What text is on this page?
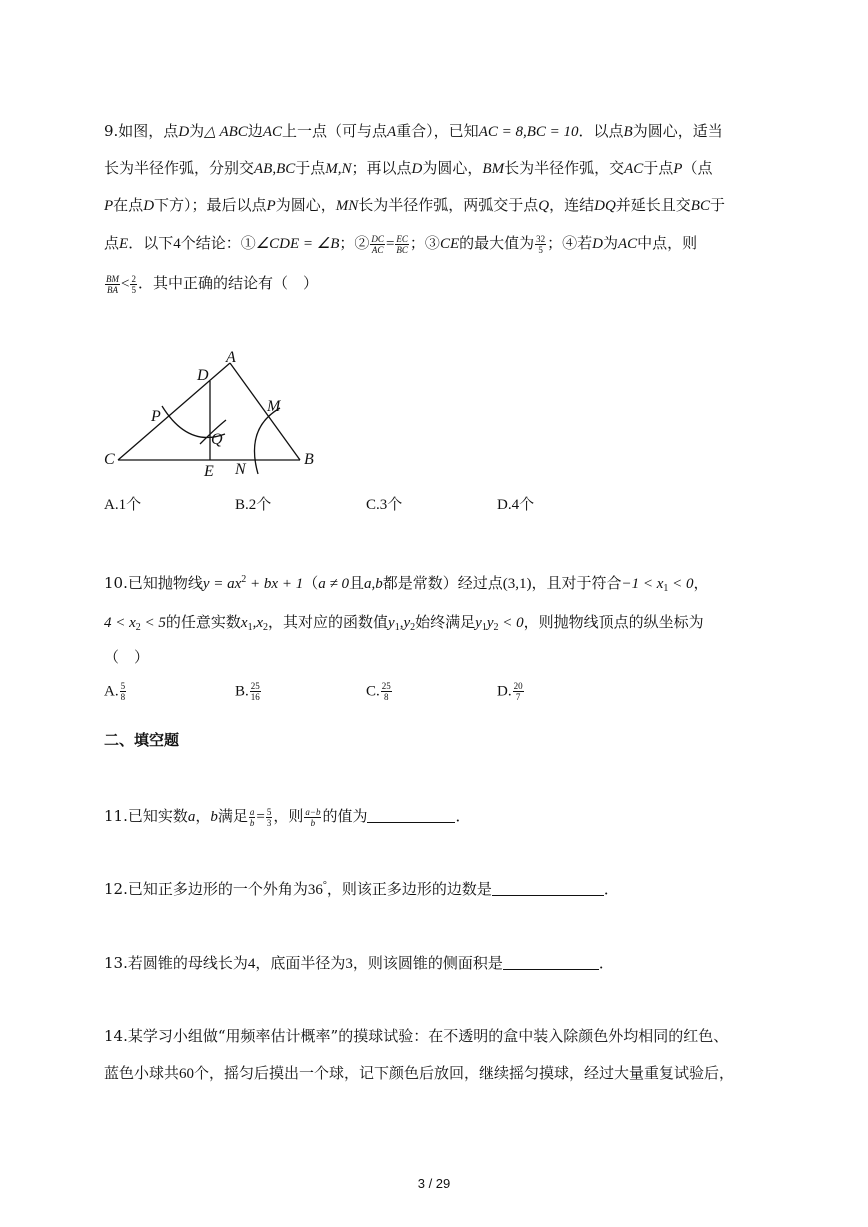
9.如图，点D为△ ABC边AC上一点（可与点A重合），已知AC = 8,BC = 10．以点B为圆心，适当
长为半径作弧，分别交AB,BC于点M,N；再以点D为圆心，BM长为半径作弧，交AC于点P（点
P在点D下方）；最后以点P为圆心，MN长为半径作弧，两弧交于点Q，连结DQ并延长且交BC于
点E．以下4个结论：①∠CDE = ∠B；② $\frac{DC}{AC} = \frac{EC}{BC}$ ；③CE的最大值为 $\frac{32}{5}$ ；④若D为AC中点，则
$\frac{BM}{BA} < \frac{2}{5}$ ．其中正确的结论有（　）
A
D
M
P
Q
C
E N
B
A.1个	B.2个	C.3个	D.4个
10.已知抛物线$y = ax^2$ + bx + 1（a ≠ 0且a,b都是常数）经过点(3,1)，且对于符合$-1 < x_1 < 0$，
$4 < x_2 < 5$的任意实数$x_1,x_2$，其对应的函数值$y_1,y_2$始终满足$y_1y_2 < 0$，则抛物线顶点的纵坐标为
（　）
A. $\frac{5}{8}$	B. $\frac{25}{16}$	C. $\frac{25}{8}$	D. $\frac{20}{7}$
二、填空题
11.已知实数a，b满足 $\frac{a}{b} = \frac{5}{3}$ ，则 $\frac{a-b}{b}$ 的值为	．
12.已知正多边形的一个外角为36°，则该正多边形的边数是	．
13.若圆锥的母线长为4，底面半径为3，则该圆锥的侧面积是	．
14.某学习小组做“用频率估计概率”的摸球试验：在不透明的盒中装入除颜色外均相同的红色、
蓝色小球共60个，摇匀后摸出一个球，记下颜色后放回，继续摇匀摸球，经过大量重复试验后，
3 / 29
